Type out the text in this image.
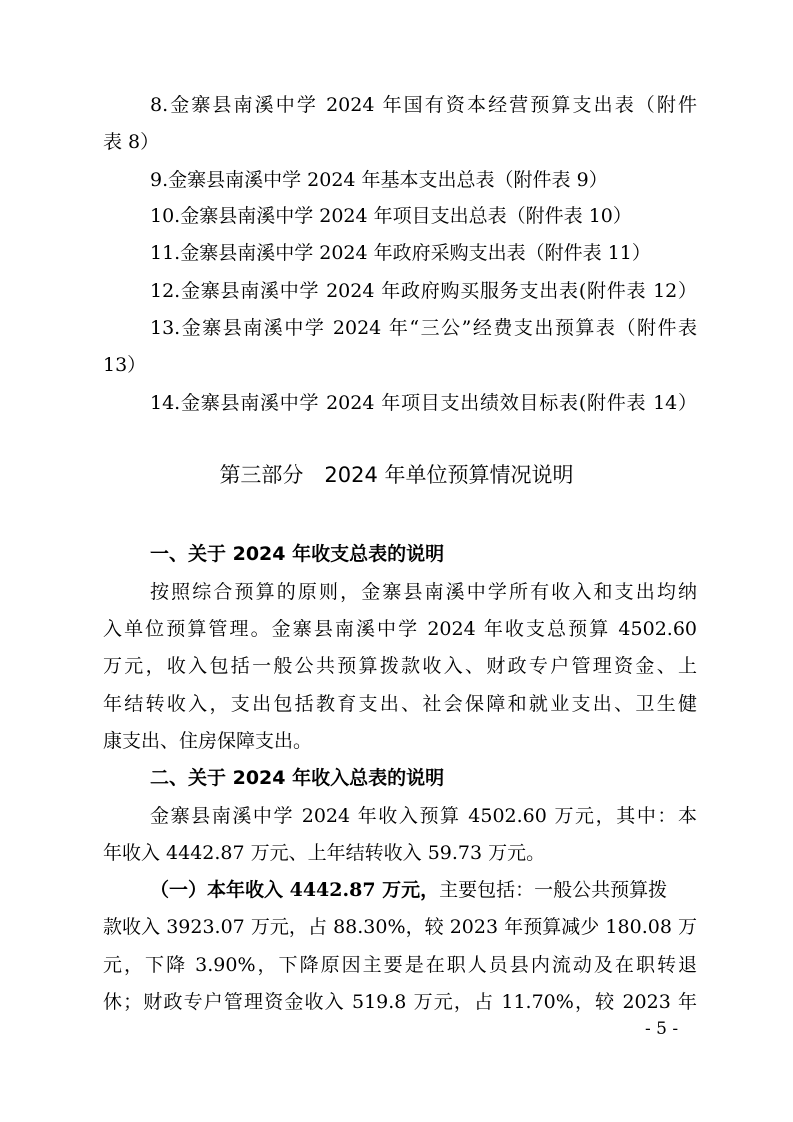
8.金寨县南溪中学 2024 年国有资本经营预算支出表（附件
表 8）
9.金寨县南溪中学 2024 年基本支出总表（附件表 9）
10.金寨县南溪中学 2024 年项目支出总表（附件表 10）
11.金寨县南溪中学 2024 年政府采购支出表（附件表 11）
12.金寨县南溪中学 2024 年政府购买服务支出表(附件表 12）
13.金寨县南溪中学 2024 年“三公”经费支出预算表（附件表
13）
14.金寨县南溪中学 2024 年项目支出绩效目标表(附件表 14）
第三部分　2024 年单位预算情况说明
一、关于 2024 年收支总表的说明
按照综合预算的原则，金寨县南溪中学所有收入和支出均纳
入单位预算管理。金寨县南溪中学 2024 年收支总预算 4502.60
万元，收入包括一般公共预算拨款收入、财政专户管理资金、上
年结转收入，支出包括教育支出、社会保障和就业支出、卫生健
康支出、住房保障支出。
二、关于 2024 年收入总表的说明
金寨县南溪中学 2024 年收入预算 4502.60 万元，其中：本
年收入 4442.87 万元、上年结转收入 59.73 万元。
（一）本年收入 4442.87 万元，主要包括：一般公共预算拨
款收入 3923.07 万元，占 88.30%，较 2023 年预算减少 180.08 万
元，下降 3.90%，下降原因主要是在职人员县内流动及在职转退
休；财政专户管理资金收入 519.8 万元，占 11.70%，较 2023 年
- 5 -
